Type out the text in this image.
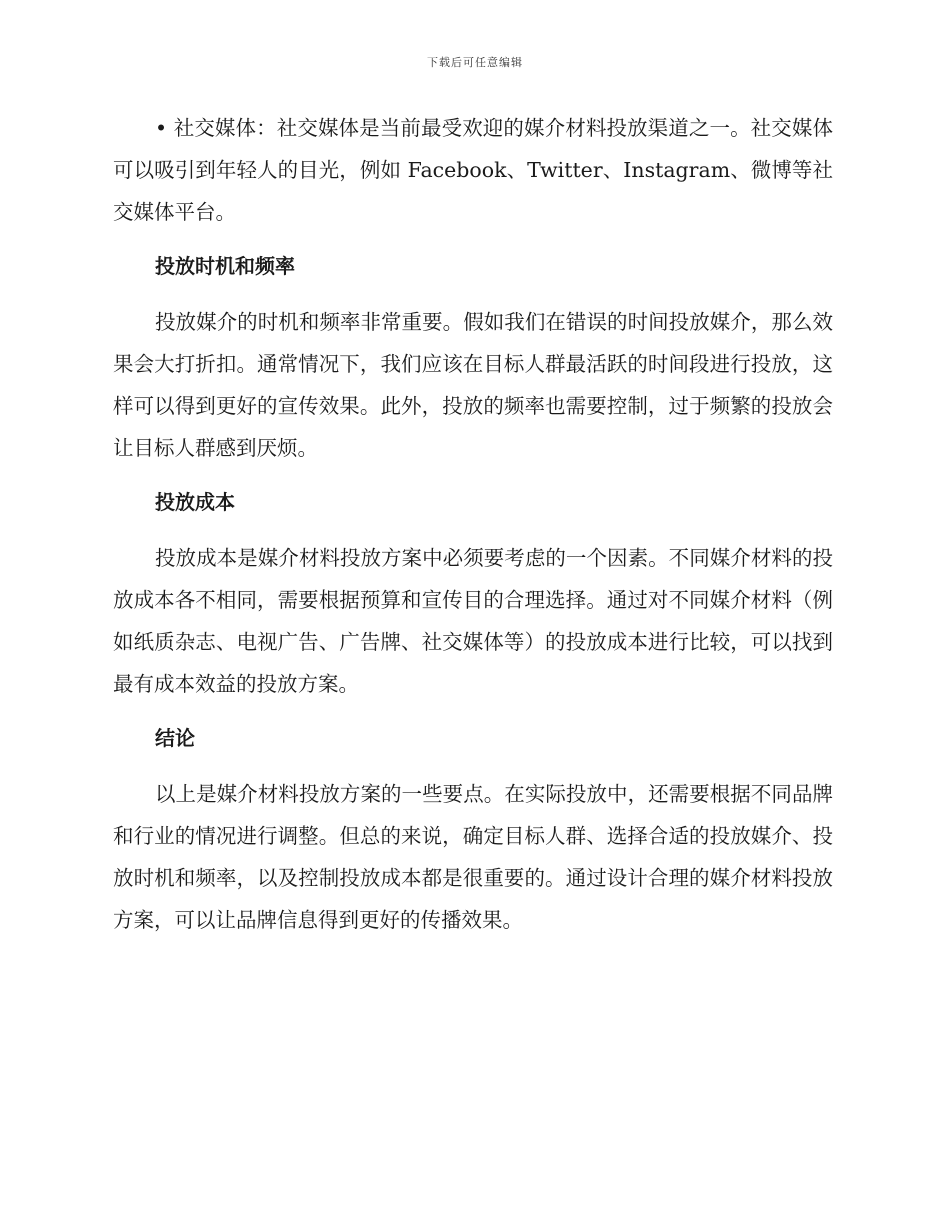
下载后可任意编辑

• 社交媒体：社交媒体是当前最受欢迎的媒介材料投放渠道之一。社交媒体可以吸引到年轻人的目光，例如 Facebook、Twitter、Instagram、微博等社交媒体平台。

投放时机和频率

投放媒介的时机和频率非常重要。假如我们在错误的时间投放媒介，那么效果会大打折扣。通常情况下，我们应该在目标人群最活跃的时间段进行投放，这样可以得到更好的宣传效果。此外，投放的频率也需要控制，过于频繁的投放会让目标人群感到厌烦。

投放成本

投放成本是媒介材料投放方案中必须要考虑的一个因素。不同媒介材料的投放成本各不相同，需要根据预算和宣传目的合理选择。通过对不同媒介材料（例如纸质杂志、电视广告、广告牌、社交媒体等）的投放成本进行比较，可以找到最有成本效益的投放方案。

结论

以上是媒介材料投放方案的一些要点。在实际投放中，还需要根据不同品牌和行业的情况进行调整。但总的来说，确定目标人群、选择合适的投放媒介、投放时机和频率，以及控制投放成本都是很重要的。通过设计合理的媒介材料投放方案，可以让品牌信息得到更好的传播效果。
